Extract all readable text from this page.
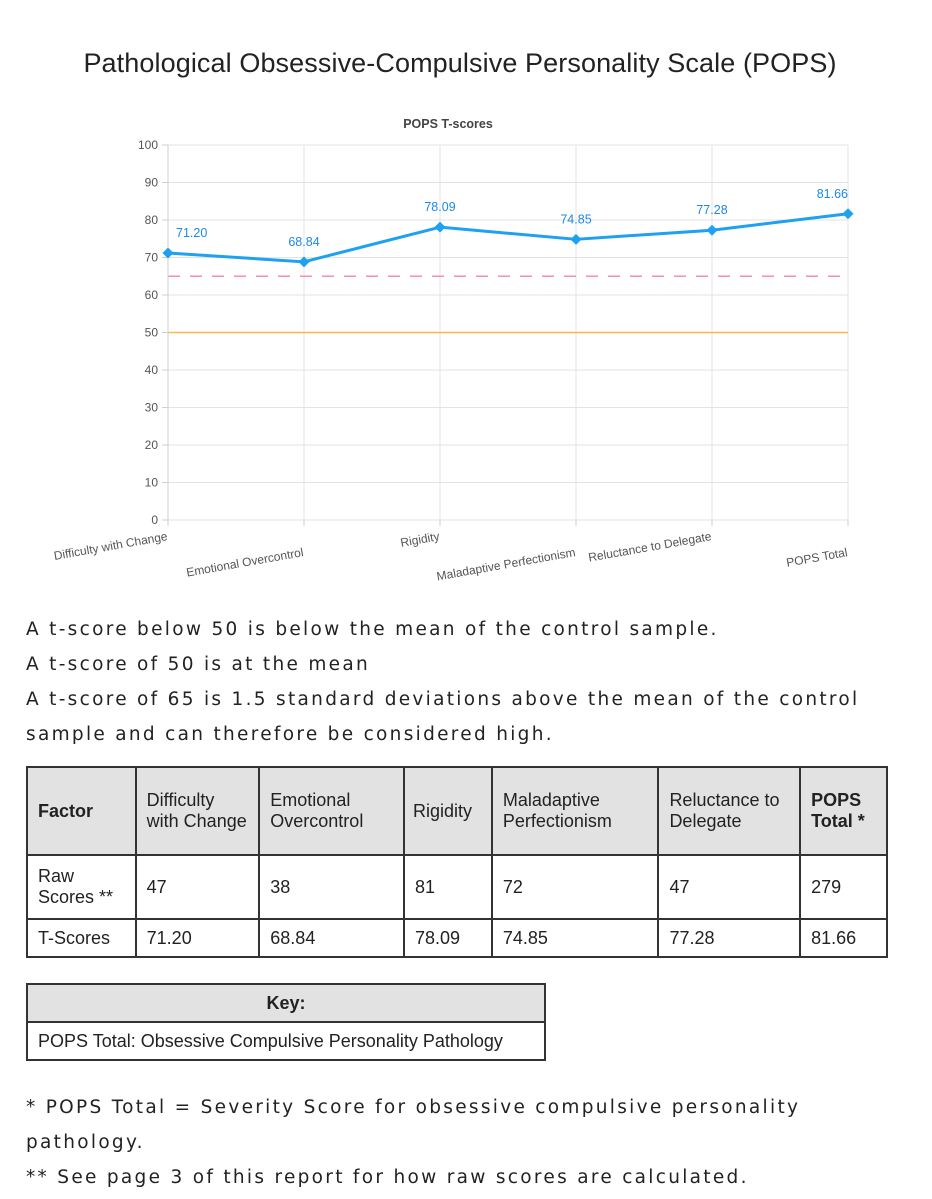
Pathological Obsessive-Compulsive Personality Scale (POPS)
0
10
20
30
40
50
60
70
80
90
100
Difficulty with Change Emotional Overcontrol
Rigidity
Maladaptive Perfectionism Reluctance to Delegate	POPS Total
71.20
68.84
78.09
74.85
77.28
81.66
POPS T-scores

A t-score below 50 is below the mean of the control sample.

A t-score of 50 is at the mean

A t-score of 65 is 1.5 standard deviations above the mean of the control sample and can therefore be considered high.

Factor	Difficulty with Change	Emotional Overcontrol	Rigidity	Maladaptive Perfectionism	Reluctance to Delegate	POPS Total *
Raw Scores **	47	38	81	72	47	279
T-Scores	71.20	68.84	78.09	74.85	77.28	81.66
Key:
POPS Total: Obsessive Compulsive Personality Pathology

* POPS Total = Severity Score for obsessive compulsive personality pathology.

** See page 3 of this report for how raw scores are calculated.
